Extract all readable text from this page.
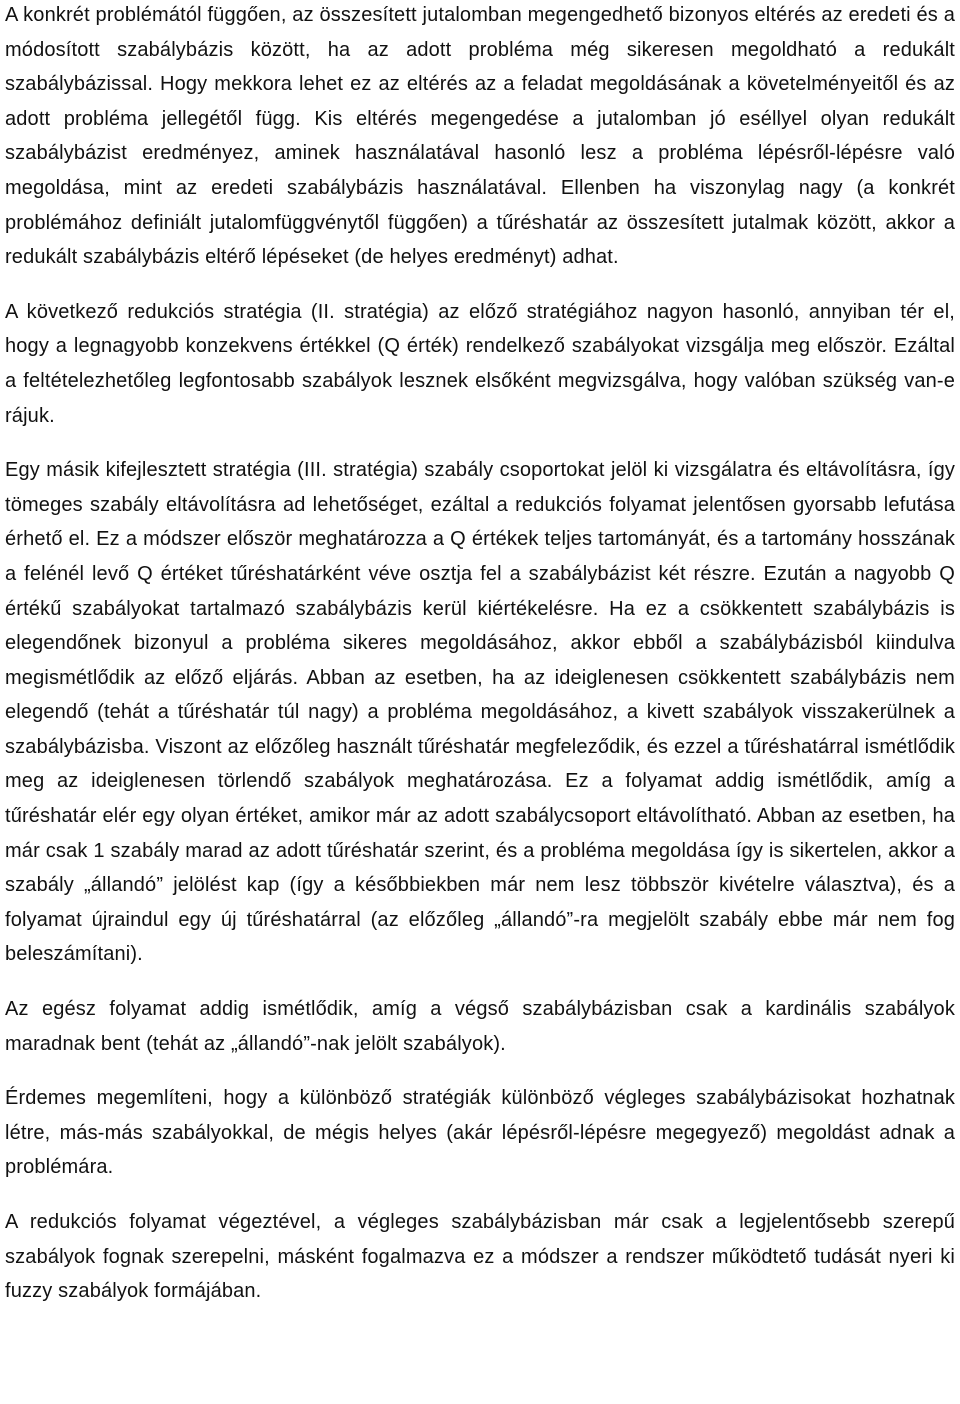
A konkrét problémától függően, az összesített jutalomban megengedhető bizonyos eltérés az eredeti és a módosított szabálybázis között, ha az adott probléma még sikeresen megoldható a redukált szabálybázissal. Hogy mekkora lehet ez az eltérés az a feladat megoldásának a követelményeitől és az adott probléma jellegétől függ. Kis eltérés megengedése a jutalomban jó eséllyel olyan redukált szabálybázist eredményez, aminek használatával hasonló lesz a probléma lépésről-lépésre való megoldása, mint az eredeti szabálybázis használatával. Ellenben ha viszonylag nagy (a konkrét problémához definiált jutalomfüggvénytől függően) a tűréshatár az összesített jutalmak között, akkor a redukált szabálybázis eltérő lépéseket (de helyes eredményt) adhat.

A következő redukciós stratégia (II. stratégia) az előző stratégiához nagyon hasonló, annyiban tér el, hogy a legnagyobb konzekvens értékkel (Q érték) rendelkező szabályokat vizsgálja meg először. Ezáltal a feltételezhetőleg legfontosabb szabályok lesznek elsőként megvizsgálva, hogy valóban szükség van-e rájuk.

Egy másik kifejlesztett stratégia (III. stratégia) szabály csoportokat jelöl ki vizsgálatra és eltávolításra, így tömeges szabály eltávolításra ad lehetőséget, ezáltal a redukciós folyamat jelentősen gyorsabb lefutása érhető el. Ez a módszer először meghatározza a Q értékek teljes tartományát, és a tartomány hosszának a felénél levő Q értéket tűréshatárként véve osztja fel a szabálybázist két részre. Ezután a nagyobb Q értékű szabályokat tartalmazó szabálybázis kerül kiértékelésre. Ha ez a csökkentett szabálybázis is elegendőnek bizonyul a probléma sikeres megoldásához, akkor ebből a szabálybázisból kiindulva megismétlődik az előző eljárás. Abban az esetben, ha az ideiglenesen csökkentett szabálybázis nem elegendő (tehát a tűréshatár túl nagy) a probléma megoldásához, a kivett szabályok visszakerülnek a szabálybázisba. Viszont az előzőleg használt tűréshatár megfeleződik, és ezzel a tűréshatárral ismétlődik meg az ideiglenesen törlendő szabályok meghatározása. Ez a folyamat addig ismétlődik, amíg a tűréshatár elér egy olyan értéket, amikor már az adott szabálycsoport eltávolítható. Abban az esetben, ha már csak 1 szabály marad az adott tűréshatár szerint, és a probléma megoldása így is sikertelen, akkor a szabály „állandó” jelölést kap (így a későbbiekben már nem lesz többször kivételre választva), és a folyamat újraindul egy új tűréshatárral (az előzőleg „állandó”-ra megjelölt szabály ebbe már nem fog beleszámítani).

Az egész folyamat addig ismétlődik, amíg a végső szabálybázisban csak a kardinális szabályok maradnak bent (tehát az „állandó”-nak jelölt szabályok).

Érdemes megemlíteni, hogy a különböző stratégiák különböző végleges szabálybázisokat hozhatnak létre, más-más szabályokkal, de mégis helyes (akár lépésről-lépésre megegyező) megoldást adnak a problémára.

A redukciós folyamat végeztével, a végleges szabálybázisban már csak a legjelentősebb szerepű szabályok fognak szerepelni, másként fogalmazva ez a módszer a rendszer működtető tudását nyeri ki fuzzy szabályok formájában.
